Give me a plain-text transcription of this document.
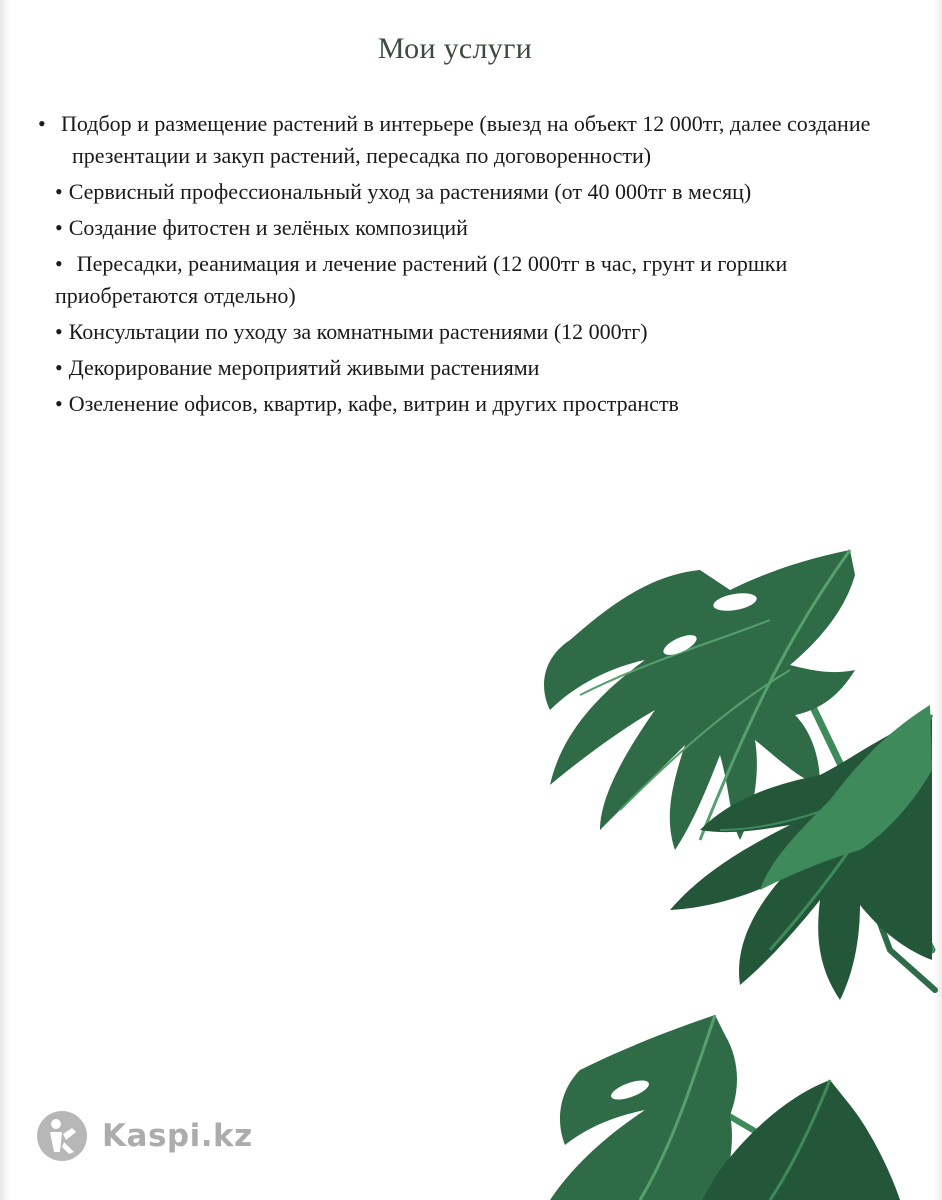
Мои услуги
• Подбор и размещение растений в интерьере (выезд на объект 12 000тг, далее создание презентации и закуп растений, пересадка по договоренности)
• Сервисный профессиональный уход за растениями (от 40 000тг в месяц)
• Создание фитостен и зелёных композиций
• Пересадки, реанимация и лечение растений (12 000тг в час, грунт и горшки приобретаются отдельно)
• Консультации по уходу за комнатными растениями (12 000тг)
• Декорирование мероприятий живыми растениями
• Озеленение офисов, квартир, кафе, витрин и других пространств
Kaspi.kz
